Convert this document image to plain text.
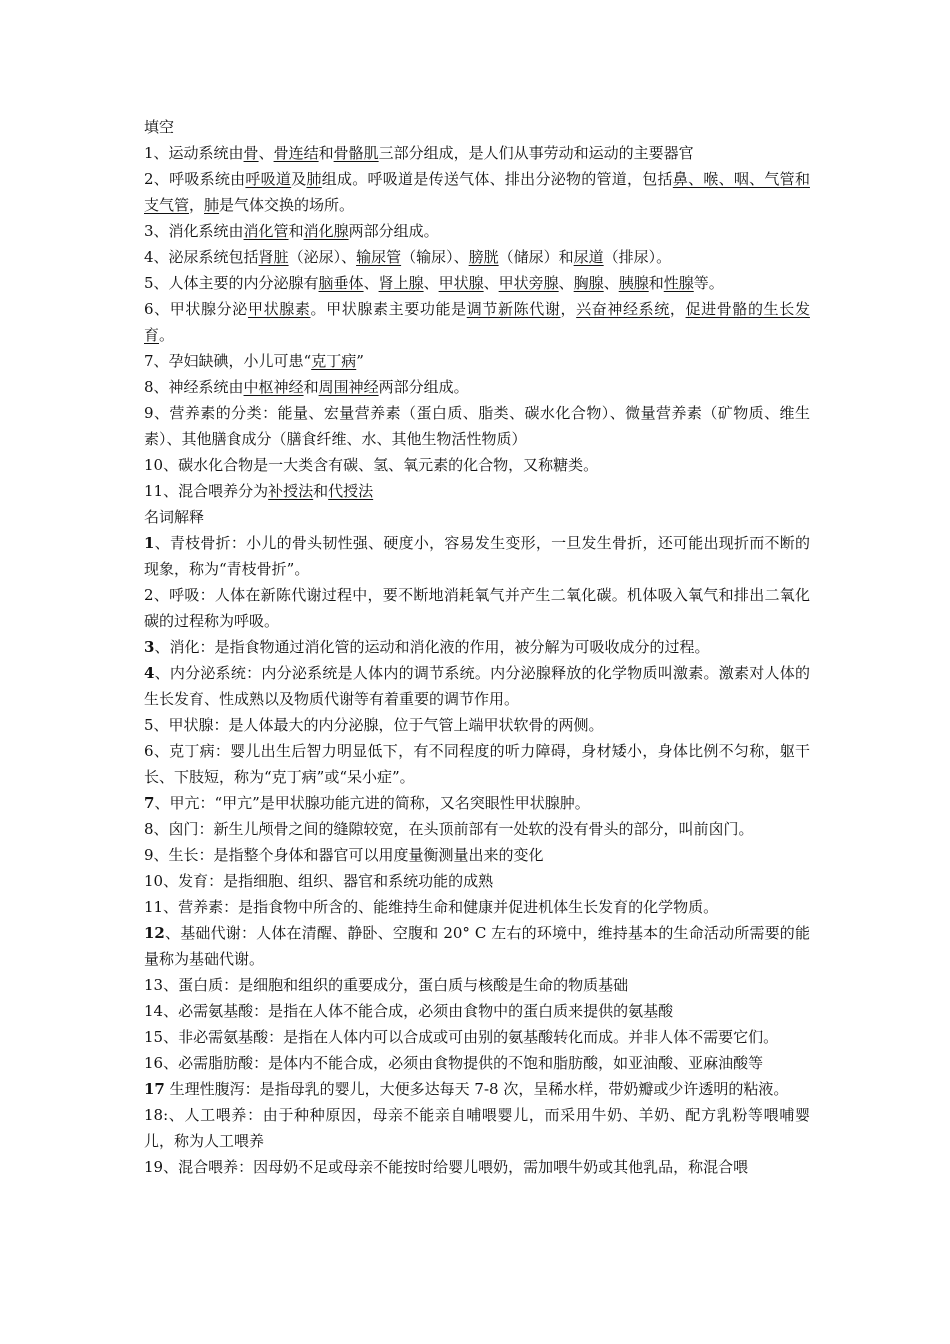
填空
1、运动系统由骨、骨连结和骨骼肌三部分组成，是人们从事劳动和运动的主要器官
2、呼吸系统由呼吸道及肺组成。呼吸道是传送气体、排出分泌物的管道，包括鼻、喉、咽、气管和支气管，肺是气体交换的场所。
3、消化系统由消化管和消化腺两部分组成。
4、泌尿系统包括肾脏（泌尿）、输尿管（输尿）、膀胱（储尿）和尿道（排尿）。
5、人体主要的内分泌腺有脑垂体、肾上腺、甲状腺、甲状旁腺、胸腺、胰腺和性腺等。
6、甲状腺分泌甲状腺素。甲状腺素主要功能是调节新陈代谢，兴奋神经系统，促进骨骼的生长发育。
7、孕妇缺碘，小儿可患“克丁病”
8、神经系统由中枢神经和周围神经两部分组成。
9、营养素的分类：能量、宏量营养素（蛋白质、脂类、碳水化合物）、微量营养素（矿物质、维生素）、其他膳食成分（膳食纤维、水、其他生物活性物质）
10、碳水化合物是一大类含有碳、氢、氧元素的化合物，又称糖类。
11、混合喂养分为补授法和代授法
名词解释
1、青枝骨折：小儿的骨头韧性强、硬度小，容易发生变形，一旦发生骨折，还可能出现折而不断的现象，称为“青枝骨折”。
2、呼吸：人体在新陈代谢过程中，要不断地消耗氧气并产生二氧化碳。机体吸入氧气和排出二氧化碳的过程称为呼吸。
3、消化：是指食物通过消化管的运动和消化液的作用，被分解为可吸收成分的过程。
4、内分泌系统：内分泌系统是人体内的调节系统。内分泌腺释放的化学物质叫激素。激素对人体的生长发育、性成熟以及物质代谢等有着重要的调节作用。
5、甲状腺：是人体最大的内分泌腺，位于气管上端甲状软骨的两侧。
6、克丁病：婴儿出生后智力明显低下，有不同程度的听力障碍，身材矮小，身体比例不匀称，躯干长、下肢短，称为“克丁病”或“呆小症”。
7、甲亢：“甲亢”是甲状腺功能亢进的简称，又名突眼性甲状腺肿。
8、囟门：新生儿颅骨之间的缝隙较宽，在头顶前部有一处软的没有骨头的部分，叫前囟门。
9、生长：是指整个身体和器官可以用度量衡测量出来的变化
10、发育：是指细胞、组织、器官和系统功能的成熟
11、营养素：是指食物中所含的、能维持生命和健康并促进机体生长发育的化学物质。
12、基础代谢：人体在清醒、静卧、空腹和 20° C 左右的环境中，维持基本的生命活动所需要的能量称为基础代谢。
13、蛋白质：是细胞和组织的重要成分，蛋白质与核酸是生命的物质基础
14、必需氨基酸：是指在人体不能合成，必须由食物中的蛋白质来提供的氨基酸
15、非必需氨基酸：是指在人体内可以合成或可由别的氨基酸转化而成。并非人体不需要它们。
16、必需脂肪酸：是体内不能合成，必须由食物提供的不饱和脂肪酸，如亚油酸、亚麻油酸等
17 生理性腹泻：是指母乳的婴儿，大便多达每天 7-8 次，呈稀水样，带奶瓣或少许透明的粘液。
18:、人工喂养：由于种种原因，母亲不能亲自哺喂婴儿，而采用牛奶、羊奶、配方乳粉等喂哺婴儿，称为人工喂养
19、混合喂养：因母奶不足或母亲不能按时给婴儿喂奶，需加喂牛奶或其他乳品，称混合喂
